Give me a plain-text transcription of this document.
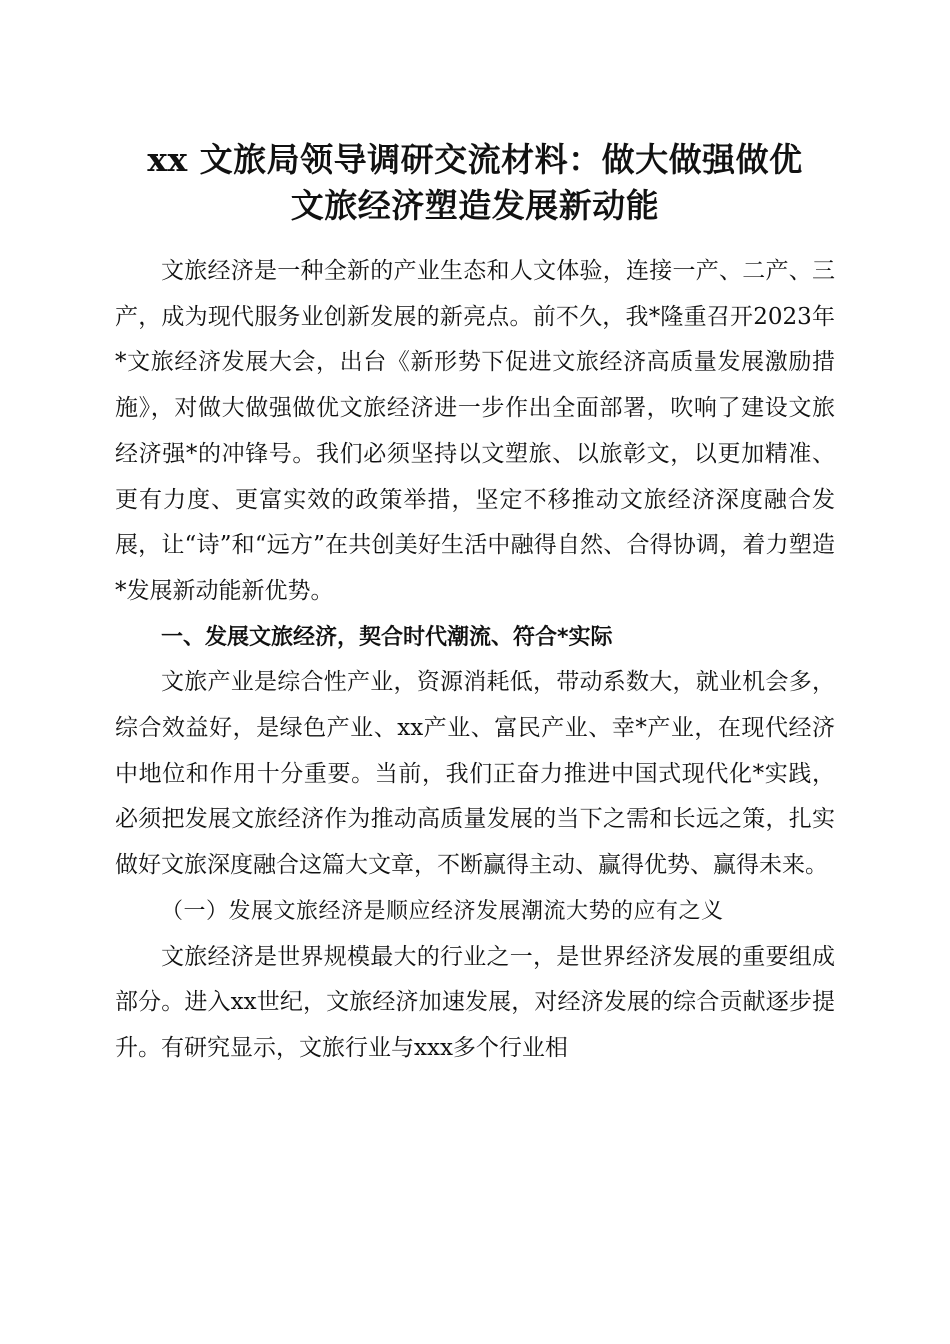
xx 文旅局领导调研交流材料：做大做强做优
文旅经济塑造发展新动能

文旅经济是一种全新的产业生态和人文体验，连接一产、二产、三产，成为现代服务业创新发展的新亮点。前不久，我*隆重召开2023年*文旅经济发展大会，出台《新形势下促进文旅经济高质量发展激励措施》，对做大做强做优文旅经济进一步作出全面部署，吹响了建设文旅经济强*的冲锋号。我们必须坚持以文塑旅、以旅彰文，以更加精准、更有力度、更富实效的政策举措，坚定不移推动文旅经济深度融合发展，让“诗”和“远方”在共创美好生活中融得自然、合得协调，着力塑造*发展新动能新优势。

一、发展文旅经济，契合时代潮流、符合*实际

文旅产业是综合性产业，资源消耗低，带动系数大，就业机会多，综合效益好，是绿色产业、xx产业、富民产业、幸*产业，在现代经济中地位和作用十分重要。当前，我们正奋力推进中国式现代化*实践，必须把发展文旅经济作为推动高质量发展的当下之需和长远之策，扎实做好文旅深度融合这篇大文章，不断赢得主动、赢得优势、赢得未来。

（一）发展文旅经济是顺应经济发展潮流大势的应有之义

文旅经济是世界规模最大的行业之一，是世界经济发展的重要组成部分。进入xx世纪，文旅经济加速发展，对经济发展的综合贡献逐步提升。有研究显示，文旅行业与xxx多个行业相
